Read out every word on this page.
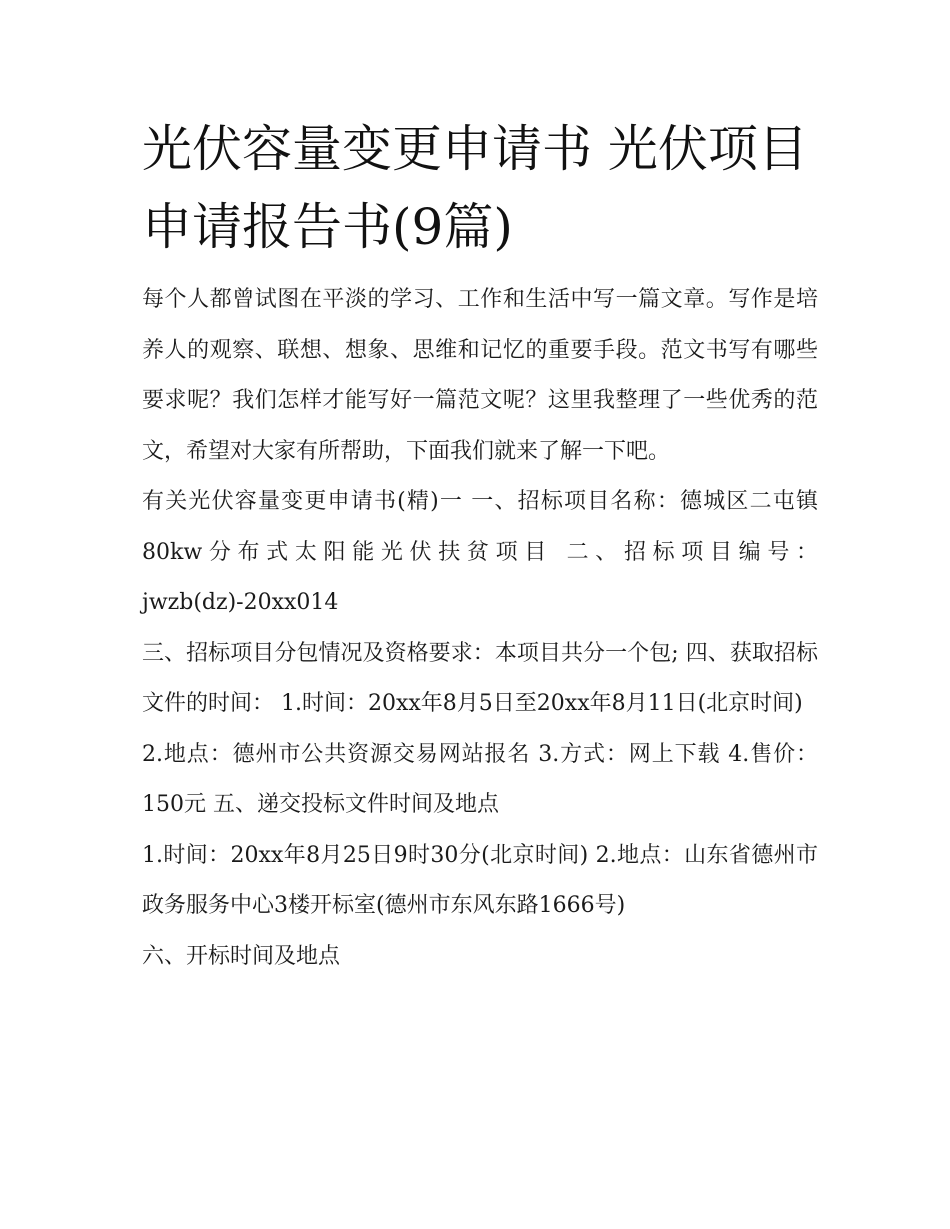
光伏容量变更申请书 光伏项目申请报告书(9篇)

每个人都曾试图在平淡的学习、工作和生活中写一篇文章。写作是培养人的观察、联想、想象、思维和记忆的重要手段。范文书写有哪些要求呢？我们怎样才能写好一篇范文呢？这里我整理了一些优秀的范文，希望对大家有所帮助，下面我们就来了解一下吧。

有关光伏容量变更申请书(精)一 一、招标项目名称：德城区二屯镇80kw分布式太阳能光伏扶贫项目 二、招标项目编号：jwzb(dz)-20xx014

三、招标项目分包情况及资格要求：本项目共分一个包; 四、获取招标文件的时间： 1.时间：20xx年8月5日至20xx年8月11日(北京时间)

2.地点：德州市公共资源交易网站报名 3.方式：网上下载 4.售价：150元 五、递交投标文件时间及地点

1.时间：20xx年8月25日9时30分(北京时间) 2.地点：山东省德州市政务服务中心3楼开标室(德州市东风东路1666号)

六、开标时间及地点
